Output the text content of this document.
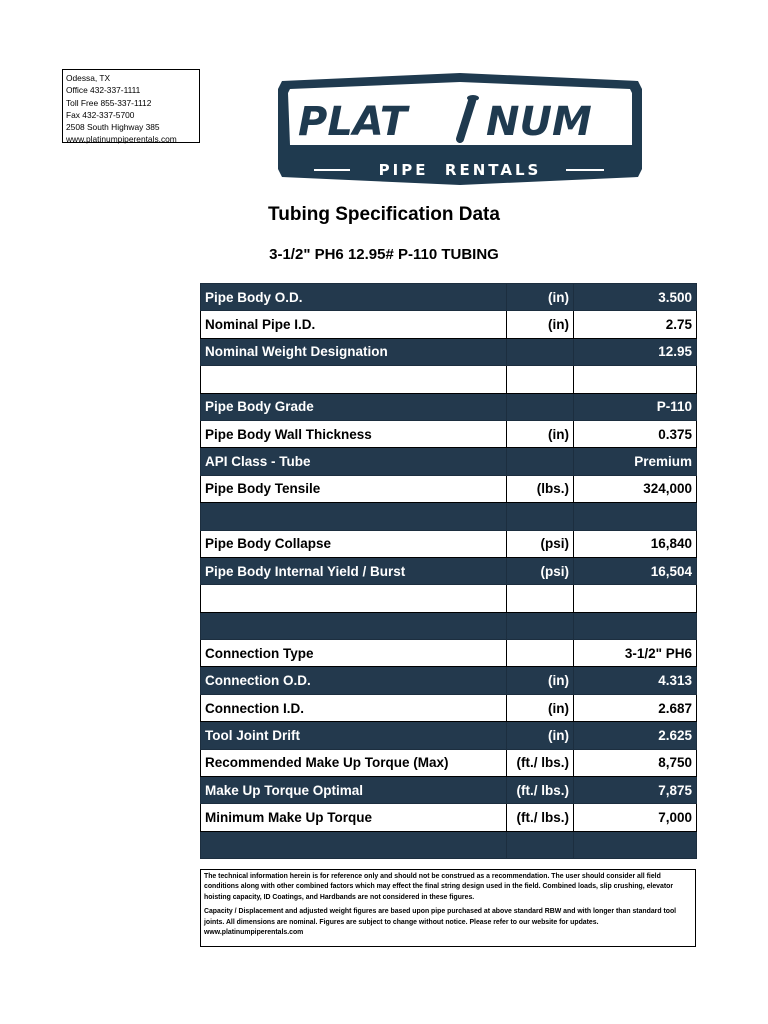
Odessa, TX
Office 432-337-1111
Toll Free 855-337-1112
Fax 432-337-5700
2508 South Highway 385
www.platinumpiperentals.com	PLAT NUM
PIPE  RENTALS
Tubing Specification Data
3-1/2" PH6 12.95# P-110 TUBING
Pipe Body O.D.	(in)	3.500
Nominal Pipe I.D.	(in)	2.75
Nominal Weight Designation		12.95

Pipe Body Grade		P-110
Pipe Body Wall Thickness	(in)	0.375
API Class - Tube		Premium
Pipe Body Tensile	(lbs.)	324,000

Pipe Body Collapse	(psi)	16,840
Pipe Body Internal Yield / Burst	(psi)	16,504

Connection Type		3-1/2" PH6
Connection O.D.	(in)	4.313
Connection I.D.	(in)	2.687
Tool Joint Drift	(in)	2.625
Recommended Make Up Torque (Max)	(ft./ lbs.)	8,750
Make Up Torque Optimal	(ft./ lbs.)	7,875
Minimum Make Up Torque	(ft./ lbs.)	7,000

The technical information herein is for reference only and should not be construed as a recommendation. The user should consider all field conditions along with other combined factors which may effect the final string design used in the field. Combined loads, slip crushing, elevator hoisting capacity, ID Coatings, and Hardbands are not considered in these figures.

Capacity / Displacement and adjusted weight figures are based upon pipe purchased at above standard RBW and with longer than standard tool joints. All dimensions are nominal. Figures are subject to change without notice. Please refer to our website for updates.
www.platinumpiperentals.com
